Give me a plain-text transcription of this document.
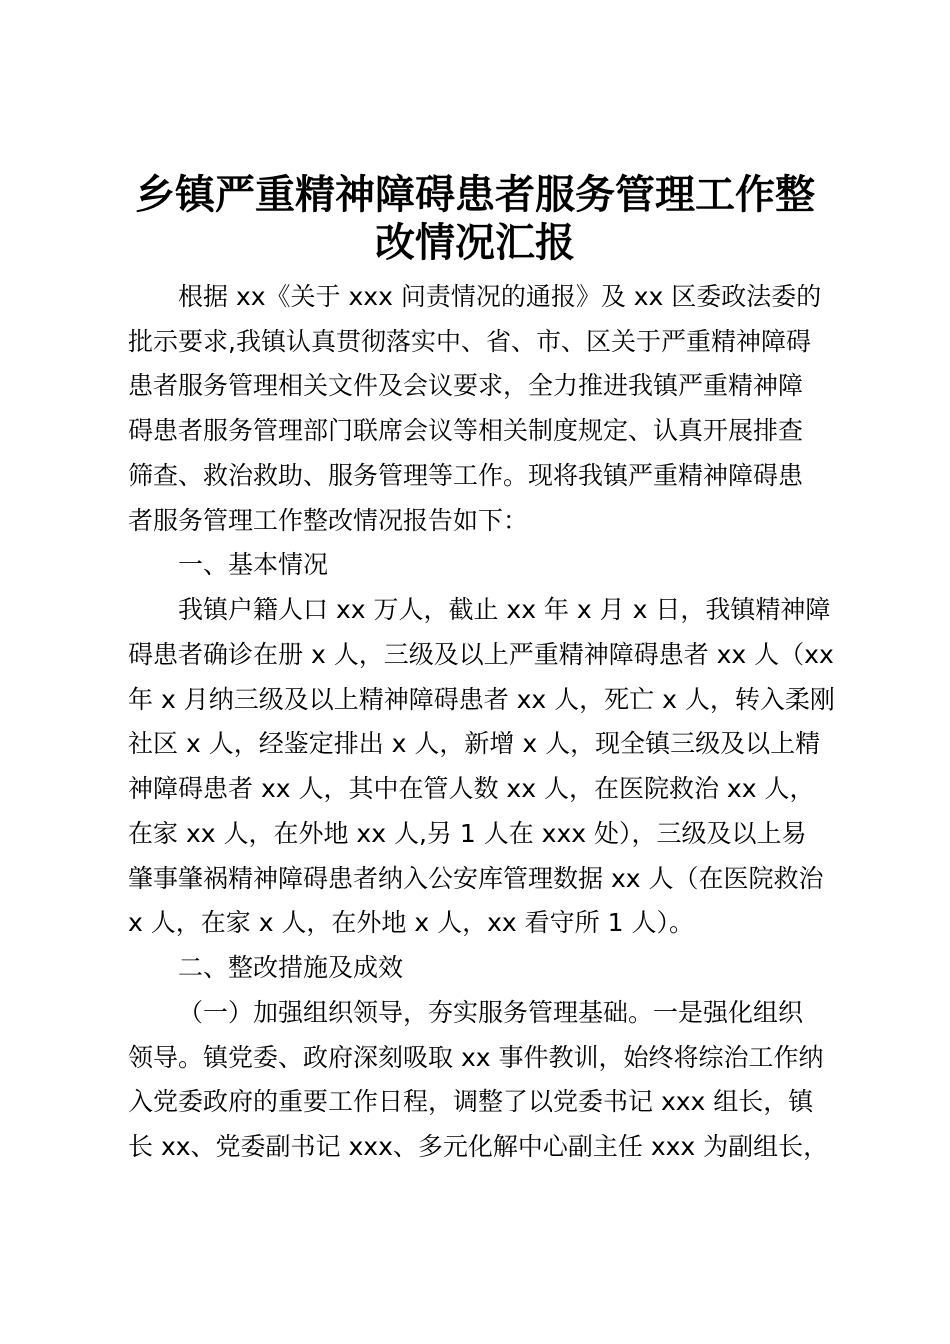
乡镇严重精神障碍患者服务管理工作整
改情况汇报

根据 xx《关于 xxx 问责情况的通报》及 xx 区委政法委的

批示要求,我镇认真贯彻落实中、省、市、区关于严重精神障碍

患者服务管理相关文件及会议要求，全力推进我镇严重精神障

碍患者服务管理部门联席会议等相关制度规定、认真开展排查

筛查、救治救助、服务管理等工作。现将我镇严重精神障碍患

者服务管理工作整改情况报告如下：

一、基本情况

我镇户籍人口 xx 万人，截止 xx 年 x 月 x 日，我镇精神障

碍患者确诊在册 x 人，三级及以上严重精神障碍患者 xx 人（xx

年 x 月纳三级及以上精神障碍患者 xx 人，死亡 x 人，转入柔刚

社区 x 人，经鉴定排出 x 人，新增 x 人，现全镇三级及以上精

神障碍患者 xx 人，其中在管人数 xx 人，在医院救治 xx 人，

在家 xx 人，在外地 xx 人,另 1 人在 xxx 处），三级及以上易

肇事肇祸精神障碍患者纳入公安库管理数据 xx 人（在医院救治

x 人，在家 x 人，在外地 x 人，xx 看守所 1 人）。

二、整改措施及成效

（一）加强组织领导，夯实服务管理基础。一是强化组织

领导。镇党委、政府深刻吸取 xx 事件教训，始终将综治工作纳

入党委政府的重要工作日程，调整了以党委书记 xxx 组长，镇

长 xx、党委副书记 xxx、多元化解中心副主任 xxx 为副组长，
